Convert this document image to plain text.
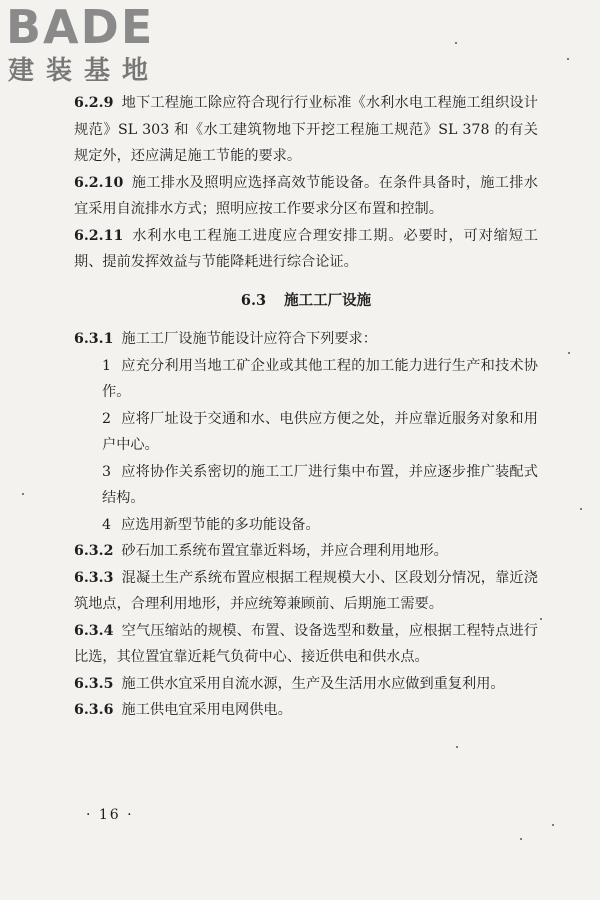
BADE
建装基地

6.2.9 地下工程施工除应符合现行行业标准《水利水电工程施工组织设计规范》SL 303 和《水工建筑物地下开挖工程施工规范》SL 378 的有关规定外，还应满足施工节能的要求。

6.2.10 施工排水及照明应选择高效节能设备。在条件具备时，施工排水宜采用自流排水方式；照明应按工作要求分区布置和控制。

6.2.11 水利水电工程施工进度应合理安排工期。必要时，可对缩短工期、提前发挥效益与节能降耗进行综合论证。

6.3 施工工厂设施

6.3.1 施工工厂设施节能设计应符合下列要求：

1 应充分利用当地工矿企业或其他工程的加工能力进行生产和技术协作。

2 应将厂址设于交通和水、电供应方便之处，并应靠近服务对象和用户中心。

3 应将协作关系密切的施工工厂进行集中布置，并应逐步推广装配式结构。

4 应选用新型节能的多功能设备。

6.3.2 砂石加工系统布置宜靠近料场，并应合理利用地形。

6.3.3 混凝土生产系统布置应根据工程规模大小、区段划分情况，靠近浇筑地点，合理利用地形，并应统筹兼顾前、后期施工需要。

6.3.4 空气压缩站的规模、布置、设备选型和数量，应根据工程特点进行比选，其位置宜靠近耗气负荷中心、接近供电和供水点。

6.3.5 施工供水宜采用自流水源，生产及生活用水应做到重复利用。

6.3.6 施工供电宜采用电网供电。

· 16 ·
